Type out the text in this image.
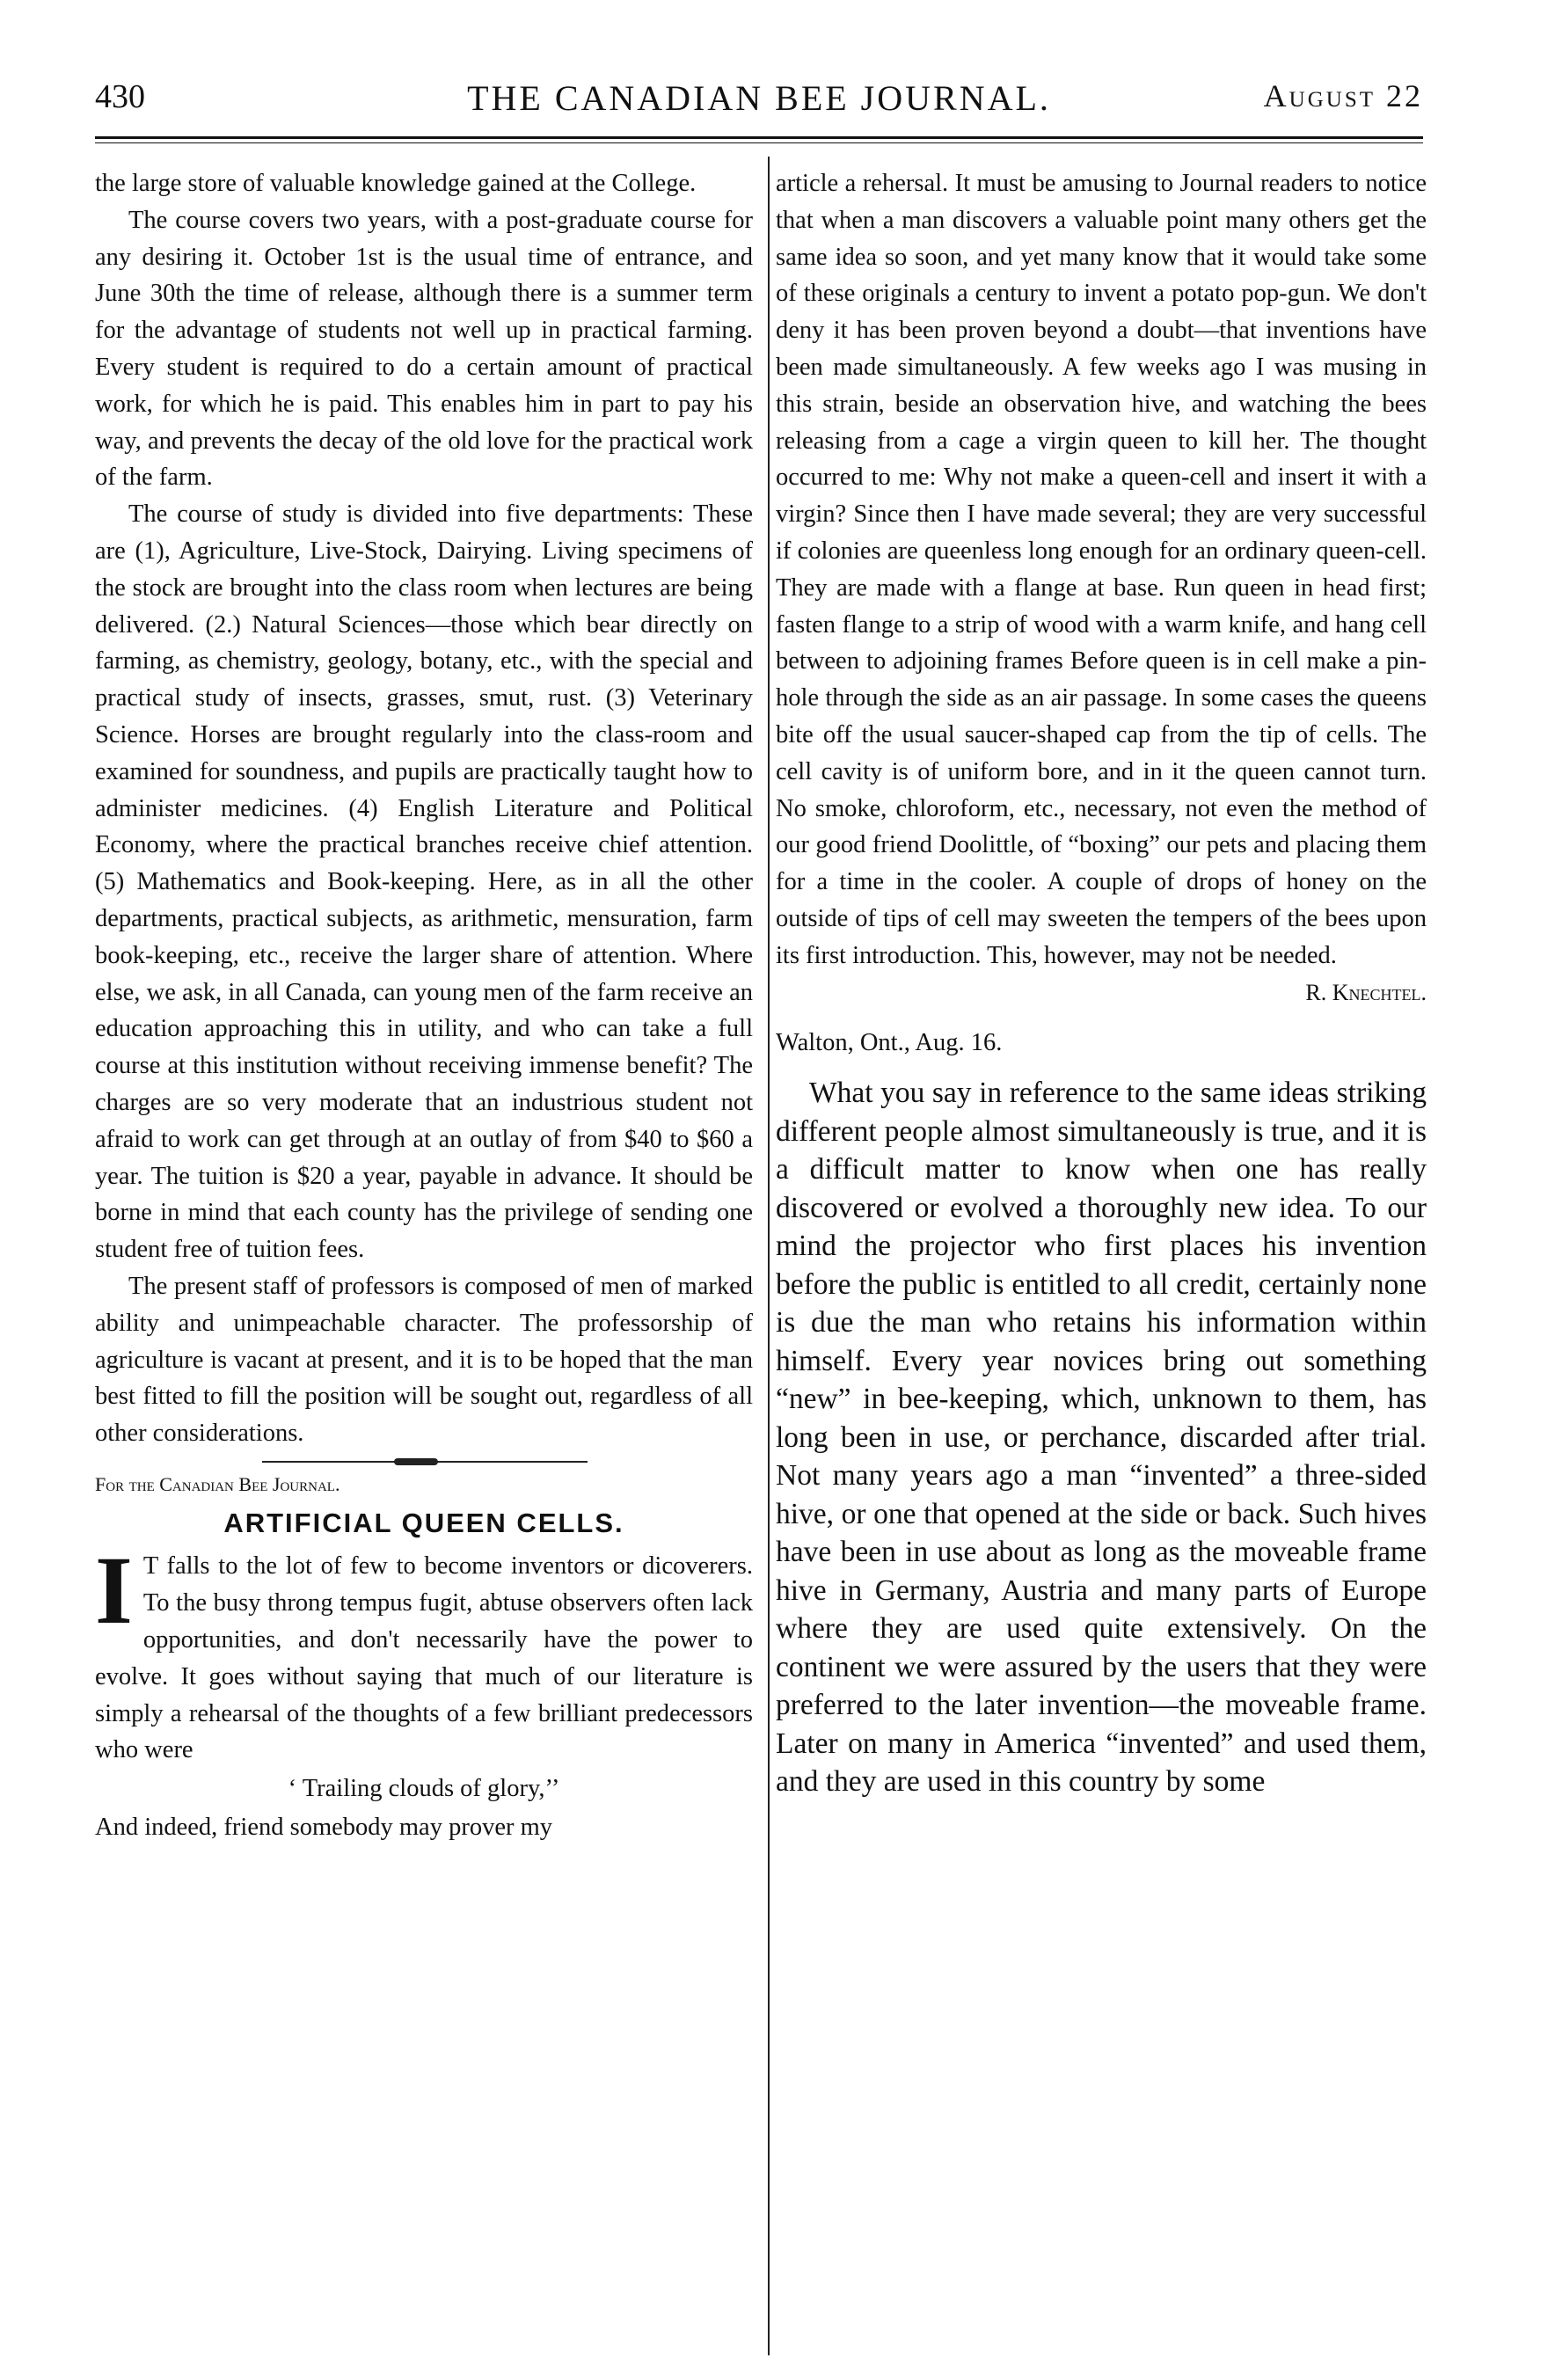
430	THE CANADIAN BEE JOURNAL.	August 22

the large store of valuable knowledge gained at the College.

The course covers two years, with a post-graduate course for any desiring it. October 1st is the usual time of entrance, and June 30th the time of release, although there is a summer term for the advantage of students not well up in practical farming. Every student is required to do a certain amount of practical work, for which he is paid. This enables him in part to pay his way, and prevents the decay of the old love for the practical work of the farm.

The course of study is divided into five departments: These are (1), Agriculture, Live-Stock, Dairying. Living specimens of the stock are brought into the class room when lectures are being delivered. (2.) Natural Sciences—those which bear directly on farming, as chemistry, geology, botany, etc., with the special and practical study of insects, grasses, smut, rust. (3) Veterinary Science. Horses are brought regularly into the class-room and examined for soundness, and pupils are practically taught how to administer medicines. (4) English Literature and Political Economy, where the practical branches receive chief attention. (5) Mathematics and Book-keeping. Here, as in all the other departments, practical subjects, as arithmetic, mensuration, farm book-keeping, etc., receive the larger share of attention. Where else, we ask, in all Canada, can young men of the farm receive an education approaching this in utility, and who can take a full course at this institution without receiving immense benefit? The charges are so very moderate that an industrious student not afraid to work can get through at an outlay of from $40 to $60 a year. The tuition is $20 a year, payable in advance. It should be borne in mind that each county has the privilege of sending one student free of tuition fees.

The present staff of professors is composed of men of marked ability and unimpeachable character. The professorship of agriculture is vacant at present, and it is to be hoped that the man best fitted to fill the position will be sought out, regardless of all other considerations.

For the Canadian Bee Journal.

ARTIFICIAL QUEEN CELLS.

I T falls to the lot of few to become inventors or dicoverers. To the busy throng tempus fugit, abtuse observers often lack opportunities, and don't necessarily have the power to evolve. It goes without saying that much of our literature is simply a rehearsal of the thoughts of a few brilliant predecessors who were

‘ Trailing clouds of glory,’’

And indeed, friend somebody may prover my

article a rehersal. It must be amusing to Journal readers to notice that when a man discovers a valuable point many others get the same idea so soon, and yet many know that it would take some of these originals a century to invent a potato pop-gun. We don't deny it has been proven beyond a doubt—that inventions have been made simultaneously. A few weeks ago I was musing in this strain, beside an observation hive, and watching the bees releasing from a cage a virgin queen to kill her. The thought occurred to me: Why not make a queen-cell and insert it with a virgin? Since then I have made several; they are very successful if colonies are queenless long enough for an ordinary queen-cell. They are made with a flange at base. Run queen in head first; fasten flange to a strip of wood with a warm knife, and hang cell between to adjoining frames Before queen is in cell make a pin-hole through the side as an air passage. In some cases the queens bite off the usual saucer-shaped cap from the tip of cells. The cell cavity is of uniform bore, and in it the queen cannot turn. No smoke, chloroform, etc., necessary, not even the method of our good friend Doolittle, of “boxing” our pets and placing them for a time in the cooler. A couple of drops of honey on the outside of tips of cell may sweeten the tempers of the bees upon its first introduction. This, however, may not be needed.

R. Knechtel.

Walton, Ont., Aug. 16.

What you say in reference to the same ideas striking different people almost simultaneously is true, and it is a difficult matter to know when one has really discovered or evolved a thoroughly new idea. To our mind the projector who first places his invention before the public is entitled to all credit, certainly none is due the man who retains his information within himself. Every year novices bring out something “new” in bee-keeping, which, unknown to them, has long been in use, or perchance, discarded after trial. Not many years ago a man “invented” a three-sided hive, or one that opened at the side or back. Such hives have been in use about as long as the moveable frame hive in Germany, Austria and many parts of Europe where they are used quite extensively. On the continent we were assured by the users that they were preferred to the later invention—the moveable frame. Later on many in America “invented” and used them, and they are used in this country by some
